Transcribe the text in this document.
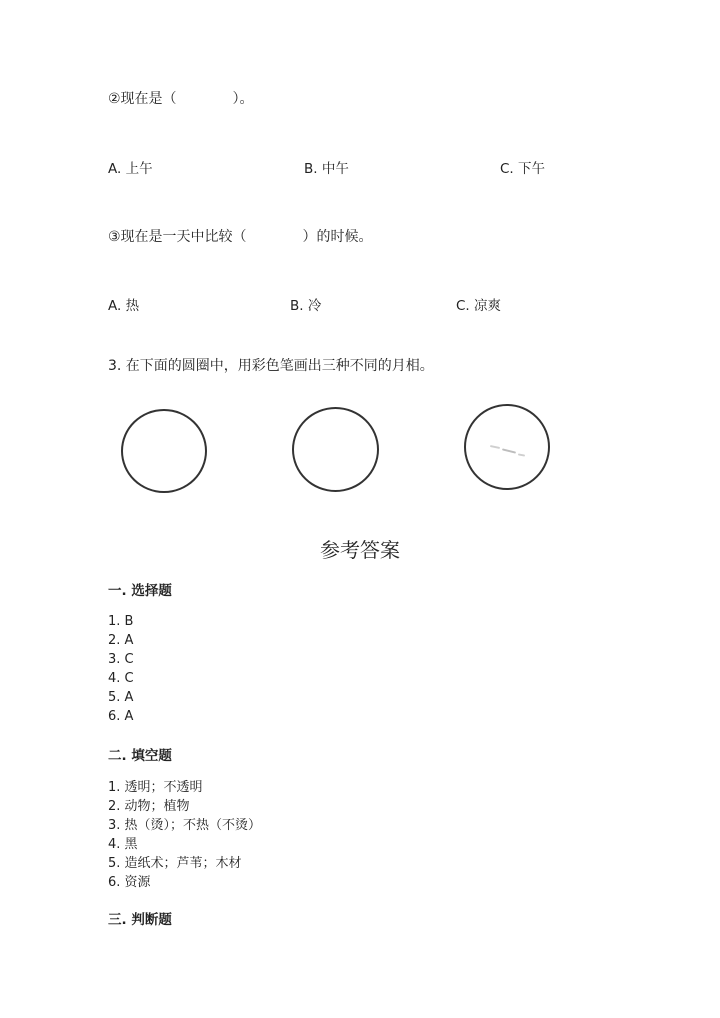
②现在是（　　　　）。
A. 上午	B. 中午	C. 下午
③现在是一天中比较（　　　　）的时候。
A. 热	B. 冷	C. 凉爽
3. 在下面的圆圈中，用彩色笔画出三种不同的月相。
参考答案
一. 选择题
1. B
2. A
3. C
4. C
5. A
6. A
二. 填空题
1. 透明；不透明
2. 动物；植物
3. 热（烫）；不热（不烫）
4. 黑
5. 造纸术；芦苇；木材
6. 资源
三. 判断题
